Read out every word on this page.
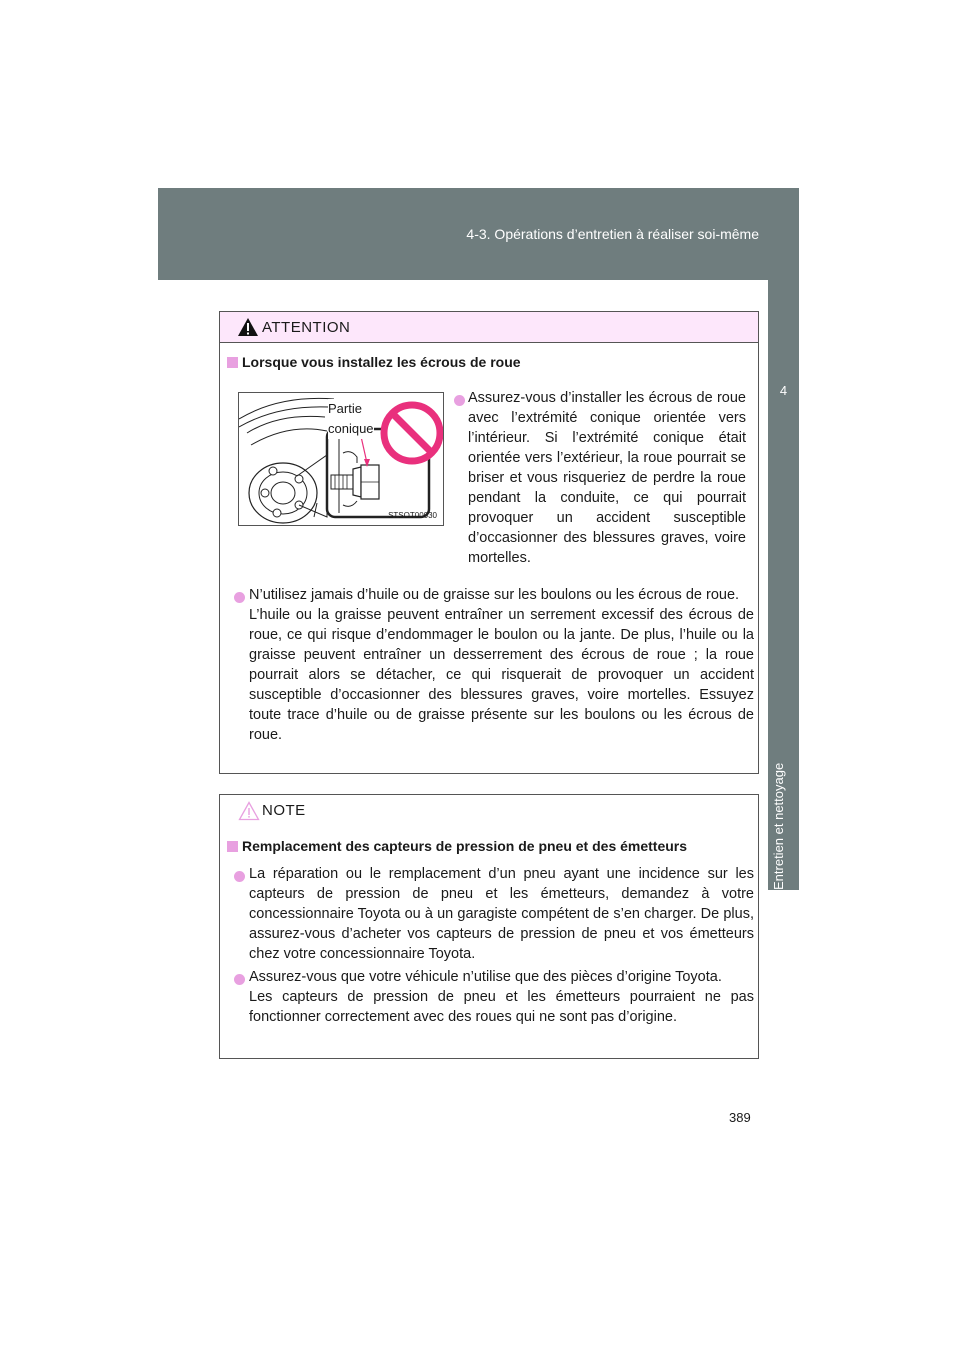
4-3. Opérations d’entretien à réaliser soi-même
4
Entretien et nettoyage
ATTENTION
Lorsque vous installez les écrous de roue
Partie
conique
STSOT00030
Assurez-vous d’installer les écrous de roue avec l’extrémité conique orientée vers l’intérieur. Si l’extrémité conique était orientée vers l’extérieur, la roue pourrait se briser et vous risqueriez de perdre la roue pendant la conduite, ce qui pourrait provoquer un accident susceptible d’occasionner des blessures graves, voire mortelles.
N’utilisez jamais d’huile ou de graisse sur les boulons ou les écrous de roue.
L’huile ou la graisse peuvent entraîner un serrement excessif des écrous de roue, ce qui risque d’endommager le boulon ou la jante. De plus, l’huile ou la graisse peuvent entraîner un desserrement des écrous de roue ; la roue pourrait alors se détacher, ce qui risquerait de provoquer un accident susceptible d’occasionner des blessures graves, voire mortelles. Essuyez toute trace d’huile ou de graisse présente sur les boulons ou les écrous de roue.
NOTE
Remplacement des capteurs de pression de pneu et des émetteurs
La réparation ou le remplacement d’un pneu ayant une incidence sur les capteurs de pression de pneu et les émetteurs, demandez à votre concessionnaire Toyota ou à un garagiste compétent de s’en charger. De plus, assurez-vous d’acheter vos capteurs de pression de pneu et vos émetteurs chez votre concessionnaire Toyota.
Assurez-vous que votre véhicule n’utilise que des pièces d’origine Toyota.
Les capteurs de pression de pneu et les émetteurs pourraient ne pas fonctionner correctement avec des roues qui ne sont pas d’origine.
389
